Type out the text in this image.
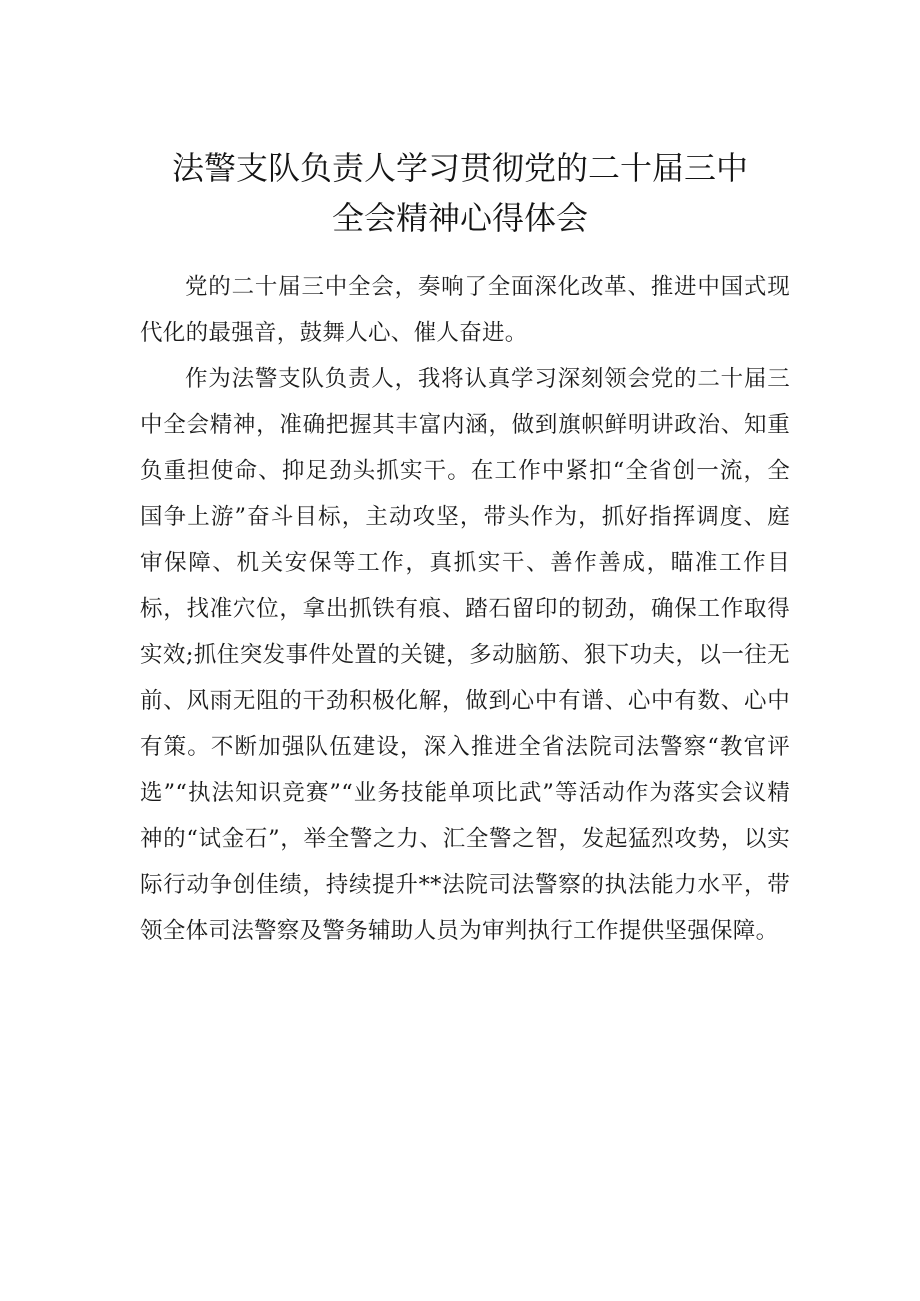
法警支队负责人学习贯彻党的二十届三中
全会精神心得体会

党的二十届三中全会，奏响了全面深化改革、推进中国式现代化的最强音，鼓舞人心、催人奋进。

作为法警支队负责人，我将认真学习深刻领会党的二十届三中全会精神，准确把握其丰富内涵，做到旗帜鲜明讲政治、知重负重担使命、抑足劲头抓实干。在工作中紧扣“全省创一流，全国争上游”奋斗目标，主动攻坚，带头作为，抓好指挥调度、庭审保障、机关安保等工作，真抓实干、善作善成，瞄准工作目标，找准穴位，拿出抓铁有痕、踏石留印的韧劲，确保工作取得实效;抓住突发事件处置的关键，多动脑筋、狠下功夫，以一往无前、风雨无阻的干劲积极化解，做到心中有谱、心中有数、心中有策。不断加强队伍建设，深入推进全省法院司法警察“教官评选”“执法知识竞赛”“业务技能单项比武”等活动作为落实会议精神的“试金石”，举全警之力、汇全警之智，发起猛烈攻势，以实际行动争创佳绩，持续提升**法院司法警察的执法能力水平，带领全体司法警察及警务辅助人员为审判执行工作提供坚强保障。
